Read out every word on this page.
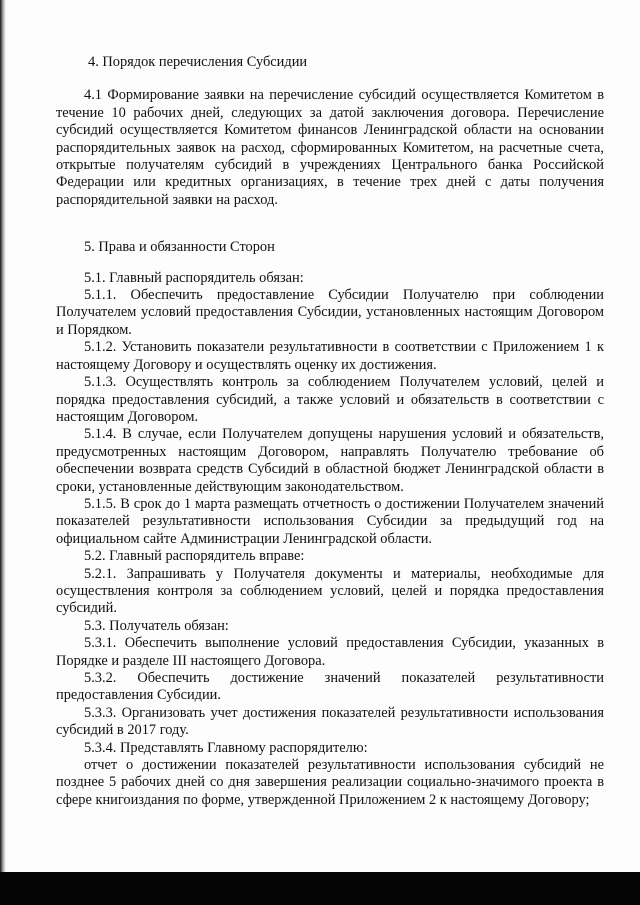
4. Порядок перечисления Субсидии

4.1 Формирование заявки на перечисление субсидий осуществляется Комитетом в течение 10 рабочих дней, следующих за датой заключения договора. Перечисление субсидий осуществляется Комитетом финансов Ленинградской области на основании распорядительных заявок на расход, сформированных Комитетом, на расчетные счета, открытые получателям субсидий в учреждениях Центрального банка Российской Федерации или кредитных организациях, в течение трех дней с даты получения распорядительной заявки на расход.

5. Права и обязанности Сторон

5.1. Главный распорядитель обязан:

5.1.1. Обеспечить предоставление Субсидии Получателю при соблюдении Получателем условий предоставления Субсидии, установленных настоящим Договором и Порядком.

5.1.2. Установить показатели результативности в соответствии с Приложением 1 к настоящему Договору и осуществлять оценку их достижения.

5.1.3. Осуществлять контроль за соблюдением Получателем условий, целей и порядка предоставления субсидий, а также условий и обязательств в соответствии с настоящим Договором.

5.1.4. В случае, если Получателем допущены нарушения условий и обязательств, предусмотренных настоящим Договором, направлять Получателю требование об обеспечении возврата средств Субсидий в областной бюджет Ленинградской области в сроки, установленные действующим законодательством.

5.1.5. В срок до 1 марта размещать отчетность о достижении Получателем значений показателей результативности использования Субсидии за предыдущий год на официальном сайте Администрации Ленинградской области.

5.2. Главный распорядитель вправе:

5.2.1. Запрашивать у Получателя документы и материалы, необходимые для осуществления контроля за соблюдением условий, целей и порядка предоставления субсидий.

5.3. Получатель обязан:

5.3.1. Обеспечить выполнение условий предоставления Субсидии, указанных в Порядке и разделе III настоящего Договора.

5.3.2. Обеспечить достижение значений показателей результативности предоставления Субсидии.

5.3.3. Организовать учет достижения показателей результативности использования субсидий в 2017 году.

5.3.4. Представлять Главному распорядителю:

отчет о достижении показателей результативности использования субсидий не позднее 5 рабочих дней со дня завершения реализации социально-значимого проекта в сфере книгоиздания по форме, утвержденной Приложением 2 к настоящему Договору;
